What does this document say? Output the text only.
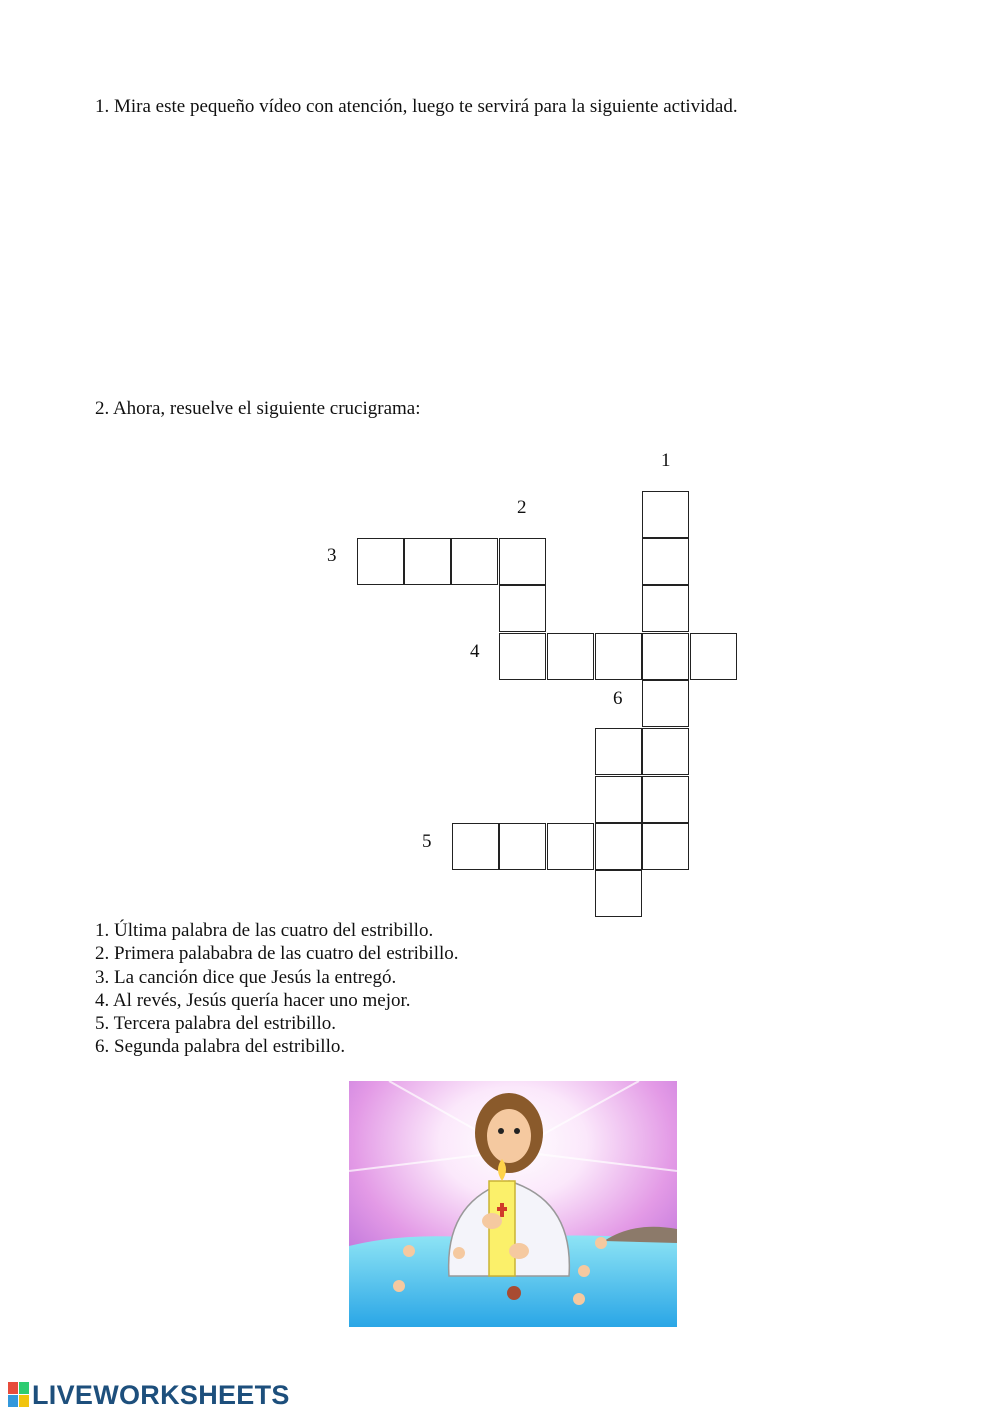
1. Mira este pequeño vídeo con atención, luego te servirá para la siguiente actividad.
2. Ahora, resuelve el siguiente crucigrama:
1
2
3
4
5
6
1. Última palabra de las cuatro del estribillo.
2. Primera palababra de las cuatro del estribillo.
3. La canción dice que Jesús la entregó.
4. Al revés, Jesús quería hacer uno mejor.
5. Tercera palabra del estribillo.
6. Segunda palabra del estribillo.
LIVEWORKSHEETS
